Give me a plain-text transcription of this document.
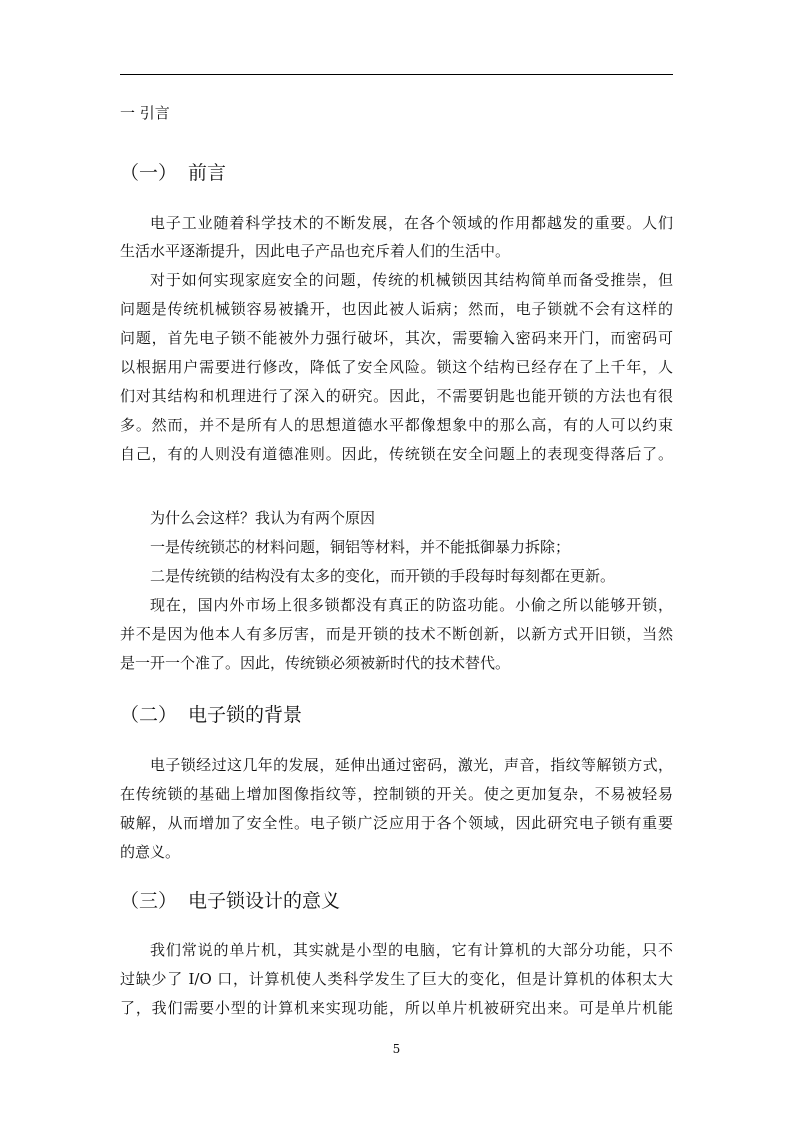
一 引言
（一） 前言
电子工业随着科学技术的不断发展，在各个领域的作用都越发的重要。人们
生活水平逐渐提升，因此电子产品也充斥着人们的生活中。
对于如何实现家庭安全的问题，传统的机械锁因其结构简单而备受推崇，但
问题是传统机械锁容易被撬开，也因此被人诟病；然而，电子锁就不会有这样的
问题，首先电子锁不能被外力强行破坏，其次，需要输入密码来开门，而密码可
以根据用户需要进行修改，降低了安全风险。锁这个结构已经存在了上千年，人
们对其结构和机理进行了深入的研究。因此，不需要钥匙也能开锁的方法也有很
多。然而，并不是所有人的思想道德水平都像想象中的那么高，有的人可以约束
自己，有的人则没有道德准则。因此，传统锁在安全问题上的表现变得落后了。
为什么会这样？我认为有两个原因
一是传统锁芯的材料问题，铜铝等材料，并不能抵御暴力拆除；
二是传统锁的结构没有太多的变化，而开锁的手段每时每刻都在更新。
现在，国内外市场上很多锁都没有真正的防盗功能。小偷之所以能够开锁，
并不是因为他本人有多厉害，而是开锁的技术不断创新，以新方式开旧锁，当然
是一开一个准了。因此，传统锁必须被新时代的技术替代。
（二） 电子锁的背景
电子锁经过这几年的发展，延伸出通过密码，激光，声音，指纹等解锁方式，
在传统锁的基础上增加图像指纹等，控制锁的开关。使之更加复杂，不易被轻易
破解，从而增加了安全性。电子锁广泛应用于各个领域，因此研究电子锁有重要
的意义。
（三） 电子锁设计的意义
我们常说的单片机，其实就是小型的电脑，它有计算机的大部分功能，只不
过缺少了 I/O 口，计算机使人类科学发生了巨大的变化，但是计算机的体积太大
了，我们需要小型的计算机来实现功能，所以单片机被研究出来。可是单片机能
5
